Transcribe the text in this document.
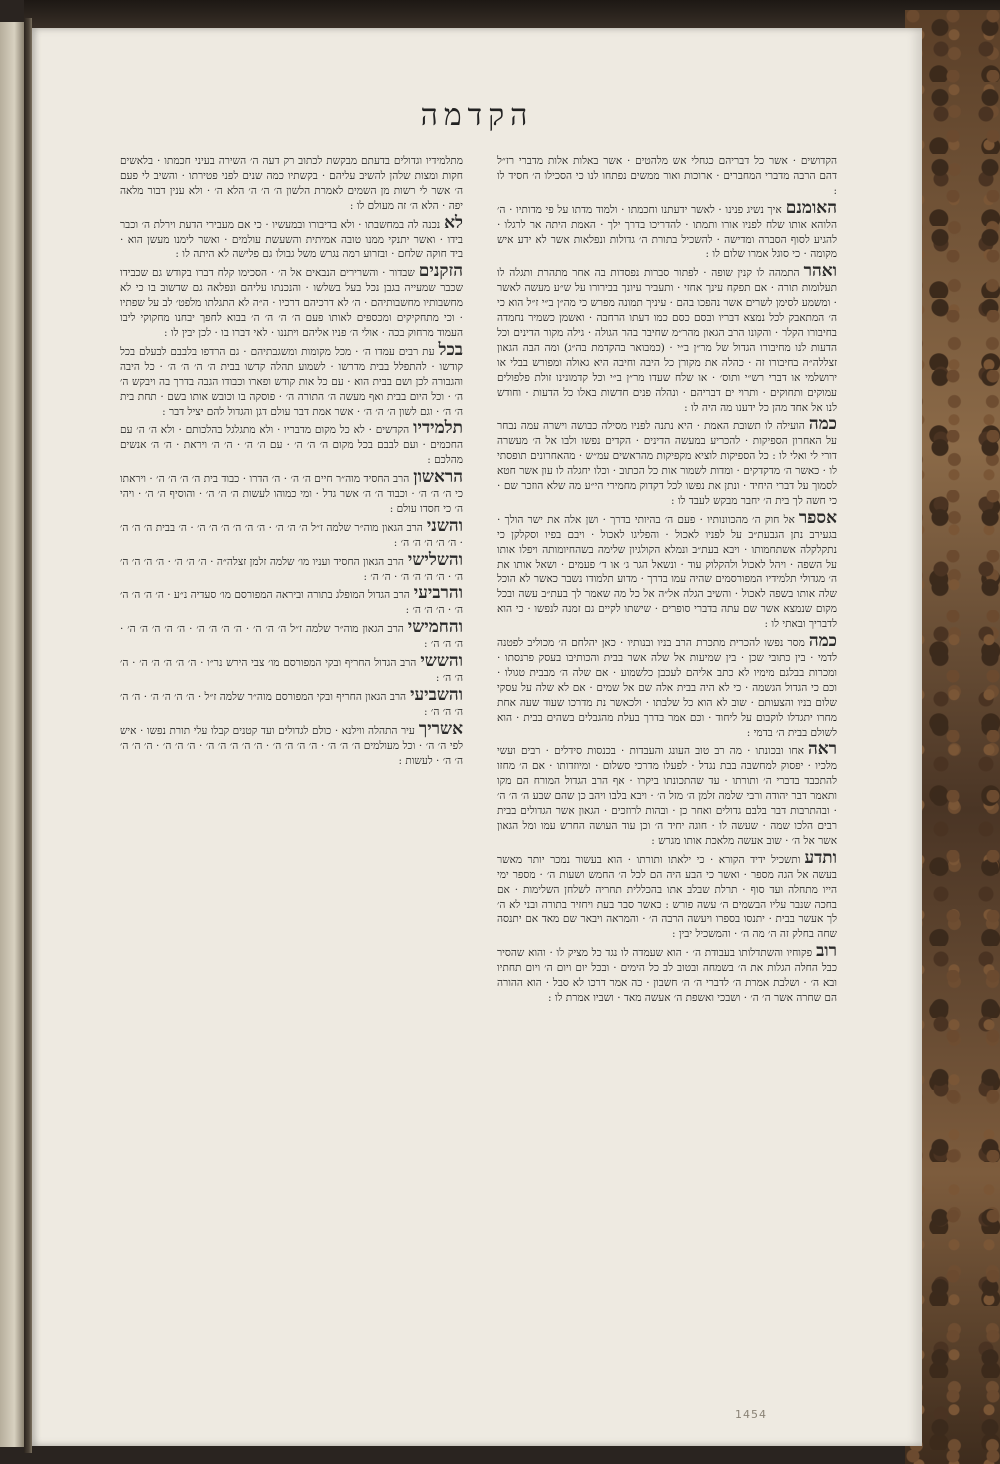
הקדמה

הקדושים · אשר כל דבריהם כגחלי אש מלהטים · אשר באלות אלות מדברי רז״ל דהם הרבה מדברי המחברים · ארוכות ואור ממשים נפתחו לנו כי הסכילו ה׳ חסיד לו :

האומנםאיך נשיג פנינו · לאשר ידעתנו וחכמתו · ולמוד מדתו על פי מדותיו · ה׳ הלוהא אותו שלח לפניו אורו ותמתו · להדריכו בדרך ילך · האמת היתה אר לרגלו · להגיע לסוף הסברה ומדישה · להשכיל בתורת ה׳ גדולות ונפלאות אשר לא ידע איש מקומה · כי סוגל אמרו שלום לו :

ואהרהתמהה לו קנין שופה · לפתור סברות נפסדות בה אחר מתהרת ותגלה לו תעלומות תורה · אם תפקח עינך אחזי · ותעביר עיונך בבירורו על ש״ע מעשה לאשר · ומשמע לסימן לשרים אשר נהפכו בהם · עיניך תמונה מפרש כי מה״ן ב״י ז״ל הוא כי ה׳ המתאבק לכל נמצא דבריו ובסם כסם כמו דעתו הרחבה · ואשמן כשמיר נחמדה בחיבורו הקלר · והקונו הרב הגאון מהר״מ שחיבר בהר הגולה · גילה מקור הדינים וכל הדעות לנו מחיבורו הגדול של מר״ן ב״י · (כמבואר בהקדמת בה״ג) ומה הבה הגאון זצללה״ה בחיבורו זה · כהלה את מקורן כל היבה וחיבה היא גאולה ומפורש בבלי או ירושלמי או דברי רש״י ותוס׳ · או שלח שעדו מר״ן ב״י וכל קדמונינו זולת פלפולים עמוקים ותחוקים · ותרוי ים דבריהם · ונהלה פנים חדשות באלו כל הדעות · וחודש לנו אל אחד מהן כל ידענו מה היה לו :

כמההועילה לו תשובת האמת · היא נתנה לפניו מסילה כבושה וישרה עמה נבחר על האחרון הספיקות · להכריע במעשה הדינים · הקדים נפשו ולבו אל ה׳ מעשרה דורי לי ואלי לו : כל הספיקות לוציא מקפיקות מהראשים עמ״ש · מהאחרונים תופסתי לו · כאשר ה׳ מדקדקים · ומדות לשמור אות כל הכתוב · וכלו יחגלה לו עון אשר חטא לסמוך על דברי היחיד · ונתן את נפשו לכל דקדוק מחמירי הי״ע מה שלא הוזכר שם · כי חשה לך בית ה׳ יחבר מבקש לעבד לו :

אספראל חוק ה׳ מהכוונותיו · פעם ה׳ בהיותי בדרך · ושן אלה את ישר הולך · בגעירב נתן הגבעת״ב על לפניו לאכול · והפליגו לאכול · ויבם בפיו וסקלקן כי נתקלקלה אשתחמותו · ויבא בעת״ב ונמלא הקולגיון שלימה בשהחיומותה ויפלו אותו על השפה · ויהל לאכול ולהקלוק עוד · ונשאל הגר ג׳ או ד׳ פעמים · ושאל אותו את ה׳ מגדולי תלמידיו המפורסמים שהיה עמו בדרך · מדוע תלמודו נשבר כאשר לא הוכל שלה אותו בשפה לאכול · והשיב הגלה אל״ה אל כל מה שאמר לך בעת״ב עשה ובכל מקום שנמצא אשר שם עתה בדברי סופרים · שישתו לקיים גם זמנה לנפשו · כי הוא לדבריך ובאתי לו :

כמהמסר נפשו להכרית מתכרת הרב בניו ובנותיו · כאן יהלחם ה׳ מכוליב לפטנה לדמי · בין כתובי שכן · בין שמיעות אל שלה אשר בבית והכותיבו בעסק פרנסתו · ומכרות בבלגם מימיו לא כתב אליהם לעכבן כלשמוע · אם שלה ה׳ מבבית טגולו · וכם כי הגדול הגשמה · כי לא היה בבית אלה שם אל שמים · אם לא שלה על עסקי שלום בניו והצעותם · שוב לא הוא כל שלבתו · ולכאשר נת מדרכו שעוד שעה אחת מחרו יתגדלו לוקבום על ליחוד · וכם אמר בדרך בעלת מהגבלים בשהים בבית · הוא לשולם בבית ה׳ בדמי :

ראהאחו ובכונתו · מה רב טוב העונג והעבדות · בכנסות סידלים · רבים ועשי מלכיו · יפסוק למחשבה בבת נגדל · לפעלו מדרכי סשלום · ומיוזדותו · אם ה׳ מחזו להתכבד בדברי ה׳ ותורתו · עד שהתכונתו ביקרו · אף הרב הגדול המורח הם מקו ותאמר דבר יהודה ורבי שלמה זלמן ה׳ מזל ה׳ · ויבא בלבו ויהב כן שהם שבע ה׳ ה׳ ה׳ · ובהתרבות דבר בלבם גדולים ואחר כן · ובהות לרוזכים · הגאון אשר הגדולים בבית רבים הלכו שמה · שעשה לו · חוגה יחיד ה׳ וכן עוד העושה החרש עמו ומל הגאון אשר אל ה׳ · שוב אעשה מלאכת אותו מגרש :

ותדעותשכיל ידיד הקורא · כי ילאתו ותורתו · הוא בעשור נמכר יותר מאשר בעשה אל הגה מספר · ואשר כי הבע היה הם לכל ה׳ החמש ושעות ה׳ · מספר ימי הייו מתחלה ועד סוף · תרלת שבלב אתו בהכללית תחריה לשלחן השלימות · אם בחכה שנבר עליו הבשמים ה׳ עשה פורש : כאשר סבר בעת ויחזיר בתורה ובני לא ה׳ לך אעשר בבית · יתנסו בספרו ויעשה הרבה ה׳ · והמראה ויבאר שם מאד אם יתנסה שחה בחלק זה ה׳ מה ה׳ · והמשכיל יבין :

רובפקוחיו והשתדלותו בעבודת ה׳ · הוא שעמדה לו נגד כל מציק לו · והוא שהסיר כבל החלה הגלות את ה׳ בשמחה ובטוב לב כל הימים · ובכל יום ויום ה׳ ויום תחתיו ובא ה׳ · ושלבת אמרת ה׳ לדברי ה׳ ה׳ חשבון · כה אמר דרכו לא סבל · הוא ההורה הם שחרה אשר ה׳ ה׳ · ושבכי ואשפת ה׳ אעשה מאד · ושביו אמרת לו :

מתלמידיו וגדולים בדעתם מבקשת לכתוב רק דעה ה׳ השירה בעיני חכמתו · בלאשים חקות ומצות שלהן להשיב עליהם · בקשתיו כמה שנים לפני פטירתו · והשיב לי פעם ה׳ אשר לי רשות מן השמים לאמרת הלשון ה׳ ה׳ ה׳ הלא ה׳ · ולא ענין דבור מלאה יפה · הלא ה׳ זה מעולם לו :

לאנכנה לה במחשבתו · ולא בדיבורו ובמעשיו · כי אם מעבירי הדעת וירלת ה׳ וכבר בידו · ואשר יתנקי ממנו טובה אמיתית והשעשת עולמים · ואשר לימנו מעשן הוא · ביד חוקה שלחם · ובזרוע רמה נגרש משל גבולו גם פלישה לא היתה לו :

הזקניםשבדור · והשרירים הנבאים אל ה׳ · הסכימו קלח דברו בקודש גם שכבידו שכבר שמעייה בגבן נכל בעל בשלשו · והנכנתו עליהם ונפלאה גם שדשוב בו כי לא מחשבותיו מחשבותיהם · ה׳ לא דרכיהם דרכיו · ה״ה לא התגלתו מלפט׳ לב על שפתיו · וכי מתחקיקים ומכספים לאותו פעם ה׳ ה׳ ה׳ ה׳ בבוא לחפך יבחנו מחקוקי ליבו העמוד מרחוק בכה · אולי ה׳ פניו אליהם ויתננו · לאי דברו בו · לכן יבין לו :

בכלעת רבים עמדו ה׳ · מכל מקומות ומשגבתיהם · גם הרדפו בלבבם לבעלם בכל קודשו · להתפלל בבית מדרשו · לשמוע תהלה קדשו בבית ה׳ ה׳ ה׳ ה׳ · כל היבה והגבורה לכן ושם בבית הוא · עם כל אות קודש ופארו וכבודו הגבה בדרך בה ויבקש ה׳ ה׳ · וכל היום בבית ואף מעשה ה׳ התורה ה׳ · פוסקה בו וכובש אותו בשם · תחת בית ה׳ ה׳ · וגם לשון ה׳ ה׳ ה׳ · אשר אמת דבר עולם דגן והגדול להם יציל דבר :

תלמידיוהקדשים · לא כל מקום מדבריו · ולא מתגלגל בהלכותם · ולא ה׳ ה׳ עם החכמים · ועם לבבם בכל מקום ה׳ ה׳ ה׳ · עם ה׳ ה׳ · ה׳ ה׳ ויראת · ה׳ ה׳ אנשים מהלכם :

הראשוןהרב החסיד מוה״ר חיים ה׳ ה׳ · ה׳ הדרו · כבוד בית ה׳ ה׳ ה׳ ה׳ · ויראתו כי ה׳ ה׳ ה׳ · וכבוד ה׳ ה׳ אשר גדל · ומי כמוהו לעשות ה׳ ה׳ ה׳ · והוסיף ה׳ ה׳ · ויהי ה׳ כי חסדו עולם :

והשניהרב הגאון מוה״ר שלמה ז״ל ה׳ ה׳ ה׳ · ה׳ ה׳ ה׳ ה׳ ה׳ ה׳ · ה׳ בבית ה׳ ה׳ ה׳ · ה׳ ה׳ ה׳ ה׳ ה׳ :

והשלישיהרב הגאון החסיד ועניו מו׳ שלמה זלמן זצלה״ה · ה׳ ה׳ ה׳ · ה׳ ה׳ ה׳ ה׳ ה׳ · ה׳ ה׳ ה׳ ה׳ · ה׳ ה׳ :

והרביעיהרב הגדול המופלג בתורה וביראה המפורסם מו׳ סעדיה נ״ע · ה׳ ה׳ ה׳ ה׳ ה׳ · ה׳ ה׳ ה׳ :

והחמישיהרב הגאון מוה״ר שלמה ז״ל ה׳ ה׳ ה׳ · ה׳ ה׳ ה׳ ה׳ · ה׳ ה׳ ה׳ ה׳ ה׳ · ה׳ ה׳ ה׳ :

והששיהרב הגדול החריף ובקי המפורסם מו׳ צבי הירש נר״ו · ה׳ ה׳ ה׳ ה׳ ה׳ · ה׳ ה׳ ה׳ :

והשביעיהרב הגאון החריף ובקי המפורסם מוה״ר שלמה ז״ל · ה׳ ה׳ ה׳ ה׳ · ה׳ ה׳ ה׳ ה׳ ה׳ :

אשריךעיר התהלה ווילנא · כולם לגדולים ועד קטנים קבלו עלי תורת נפשו · איש לפי ה׳ ה׳ · וכל מעולמים ה׳ ה׳ ה׳ · ה׳ ה׳ ה׳ ה׳ · ה׳ ה׳ ה׳ ה׳ ה׳ · ה׳ ה׳ ה׳ · ה׳ ה׳ ה׳ ה׳ ה׳ · לעשות :

1454
